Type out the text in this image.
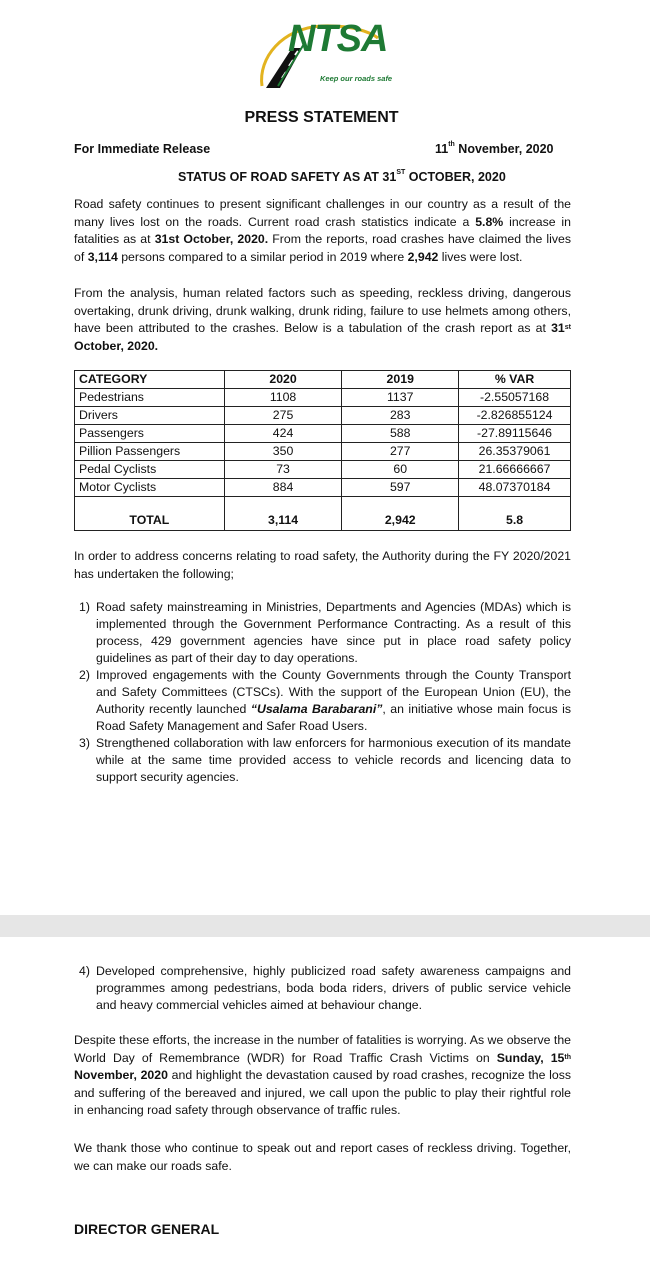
NTSA
Keep our roads safe
PRESS STATEMENT
For Immediate Release	11th November, 2020
STATUS OF ROAD SAFETY AS AT 31ST OCTOBER, 2020
Road safety continues to present significant challenges in our country as a result of the many lives lost on the roads. Current road crash statistics indicate a 5.8% increase in fatalities as at 31st October, 2020. From the reports, road crashes have claimed the lives of 3,114 persons compared to a similar period in 2019 where 2,942 lives were lost.
From the analysis, human related factors such as speeding, reckless driving, dangerous overtaking, drunk driving, drunk walking, drunk riding, failure to use helmets among others, have been attributed to the crashes. Below is a tabulation of the crash report as at 31st October, 2020.
CATEGORY	2020	2019	% VAR
Pedestrians	1108	1137	-2.55057168
Drivers	275	283	-2.826855124
Passengers	424	588	-27.89115646
Pillion Passengers	350	277	26.35379061
Pedal Cyclists	73	60	21.66666667
Motor Cyclists	884	597	48.07370184
TOTAL	3,114	2,942	5.8
In order to address concerns relating to road safety, the Authority during the FY 2020/2021 has undertaken the following;
1) Road safety mainstreaming in Ministries, Departments and Agencies (MDAs) which is implemented through the Government Performance Contracting. As a result of this process, 429 government agencies have since put in place road safety policy guidelines as part of their day to day operations.
2) Improved engagements with the County Governments through the County Transport and Safety Committees (CTSCs). With the support of the European Union (EU), the Authority recently launched “Usalama Barabarani”, an initiative whose main focus is Road Safety Management and Safer Road Users.
3) Strengthened collaboration with law enforcers for harmonious execution of its mandate while at the same time provided access to vehicle records and licencing data to support security agencies.
4) Developed comprehensive, highly publicized road safety awareness campaigns and programmes among pedestrians, boda boda riders, drivers of public service vehicle and heavy commercial vehicles aimed at behaviour change.
Despite these efforts, the increase in the number of fatalities is worrying. As we observe the World Day of Remembrance (WDR) for Road Traffic Crash Victims on Sunday, 15th November, 2020 and highlight the devastation caused by road crashes, recognize the loss and suffering of the bereaved and injured, we call upon the public to play their rightful role in enhancing road safety through observance of traffic rules.
We thank those who continue to speak out and report cases of reckless driving. Together, we can make our roads safe.
DIRECTOR GENERAL
